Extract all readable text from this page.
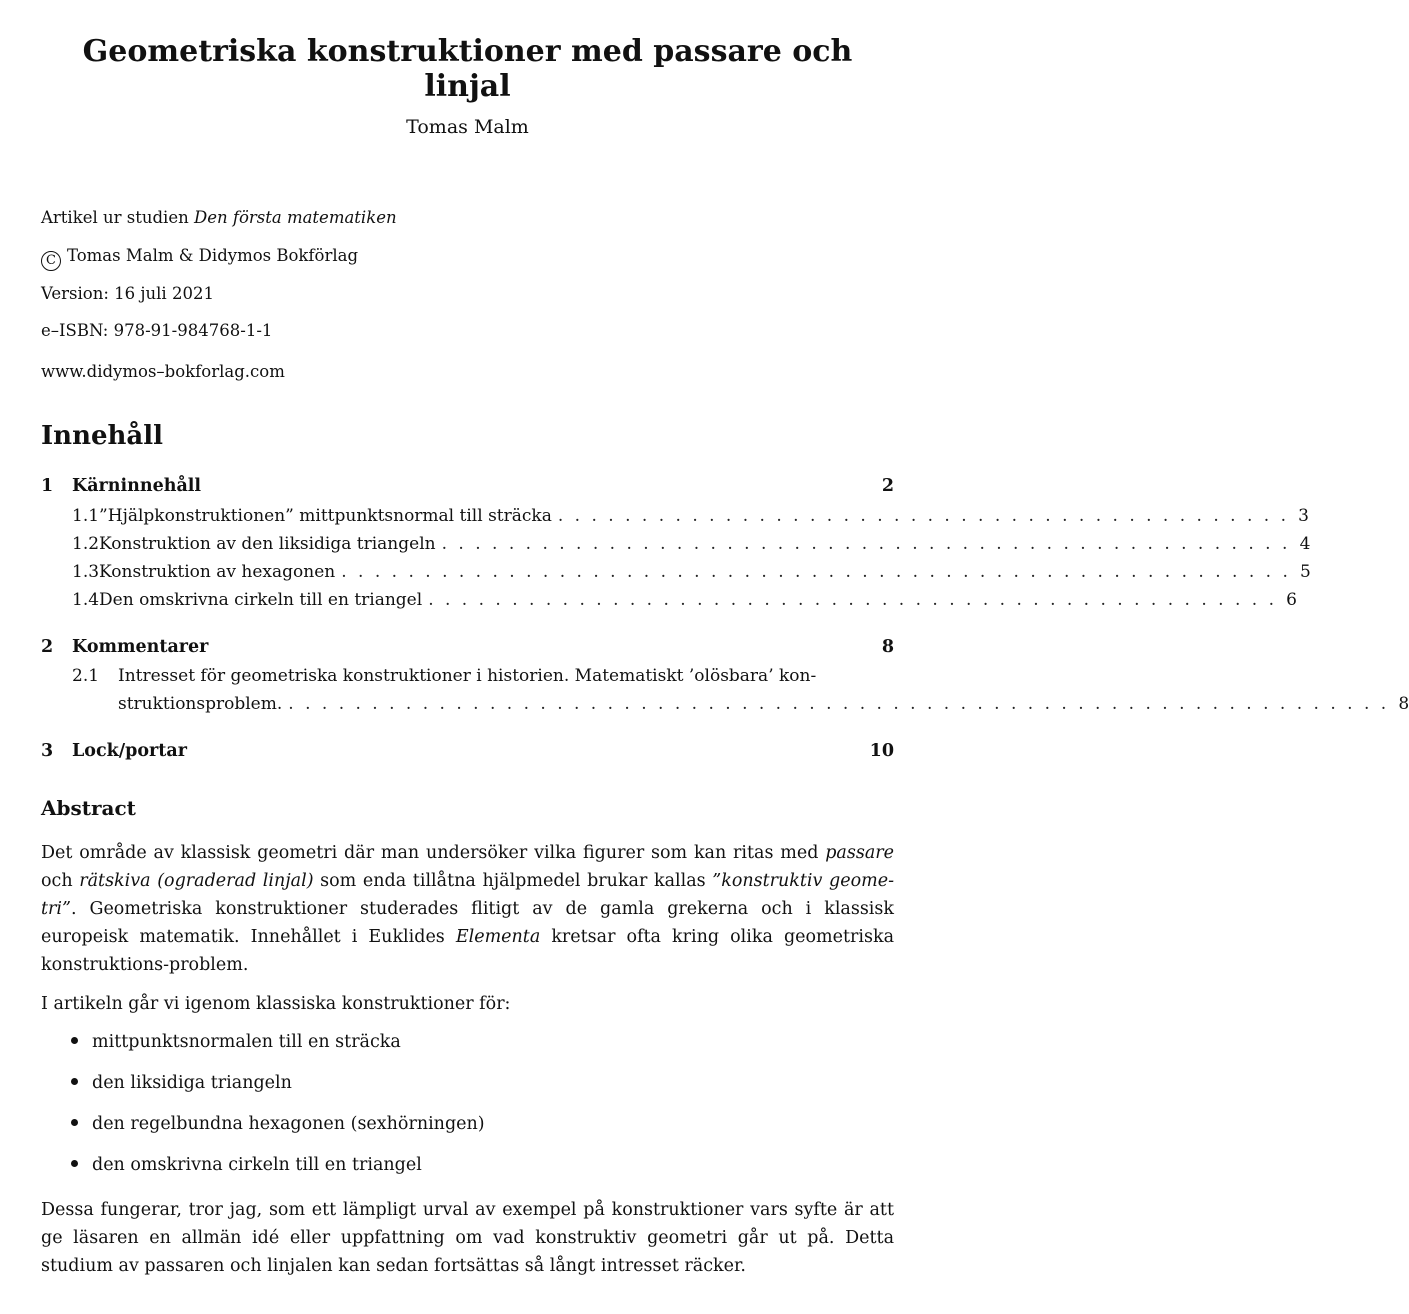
Geometriska konstruktioner med passare och linjal
Tomas Malm
Artikel ur studien Den första matematiken
C Tomas Malm & Didymos Bokförlag
Version: 16 juli 2021
e–ISBN: 978-91-984768-1-1
www.didymos–bokforlag.com
Innehåll
1	Kärninnehåll	2
1.1 ”Hjälpkonstruktionen” mittpunktsnormal till sträcka . . . . . . . . . . . . . . . . . . . . . . . . . . . . . . . . . . . . . . . . . . . . 3
1.2 Konstruktion av den liksidiga triangeln . . . . . . . . . . . . . . . . . . . . . . . . . . . . . . . . . . . . . . . . . . . . . . . . . . . 4
1.3 Konstruktion av hexagonen . . . . . . . . . . . . . . . . . . . . . . . . . . . . . . . . . . . . . . . . . . . . . . . . . . . . . . . . . 5
1.4 Den omskrivna cirkeln till en triangel . . . . . . . . . . . . . . . . . . . . . . . . . . . . . . . . . . . . . . . . . . . . . . . . . . . 6
2	Kommentarer	8
2.1	Intresset för geometriska konstruktioner i historien. Matematiskt ’olösbara’ kon-
struktionsproblem. . . . . . . . . . . . . . . . . . . . . . . . . . . . . . . . . . . . . . . . . . . . . . . . . . . . . . . . . . . . . . . . . . . 8
3	Lock/portar	10
Abstract
Det område av klassisk geometri där man undersöker vilka figurer som kan ritas med passare och rätskiva (ograderad linjal) som enda tillåtna hjälpmedel brukar kallas ”konstruktiv geome-tri”. Geometriska konstruktioner studerades flitigt av de gamla grekerna och i klassisk europeisk matematik. Innehållet i Euklides Elementa kretsar ofta kring olika geometriska konstruktions-problem.
I artikeln går vi igenom klassiska konstruktioner för:
mittpunktsnormalen till en sträcka
den liksidiga triangeln
den regelbundna hexagonen (sexhörningen)
den omskrivna cirkeln till en triangel
Dessa fungerar, tror jag, som ett lämpligt urval av exempel på konstruktioner vars syfte är att ge läsaren en allmän idé eller uppfattning om vad konstruktiv geometri går ut på. Detta studium av passaren och linjalen kan sedan fortsättas så långt intresset räcker.
